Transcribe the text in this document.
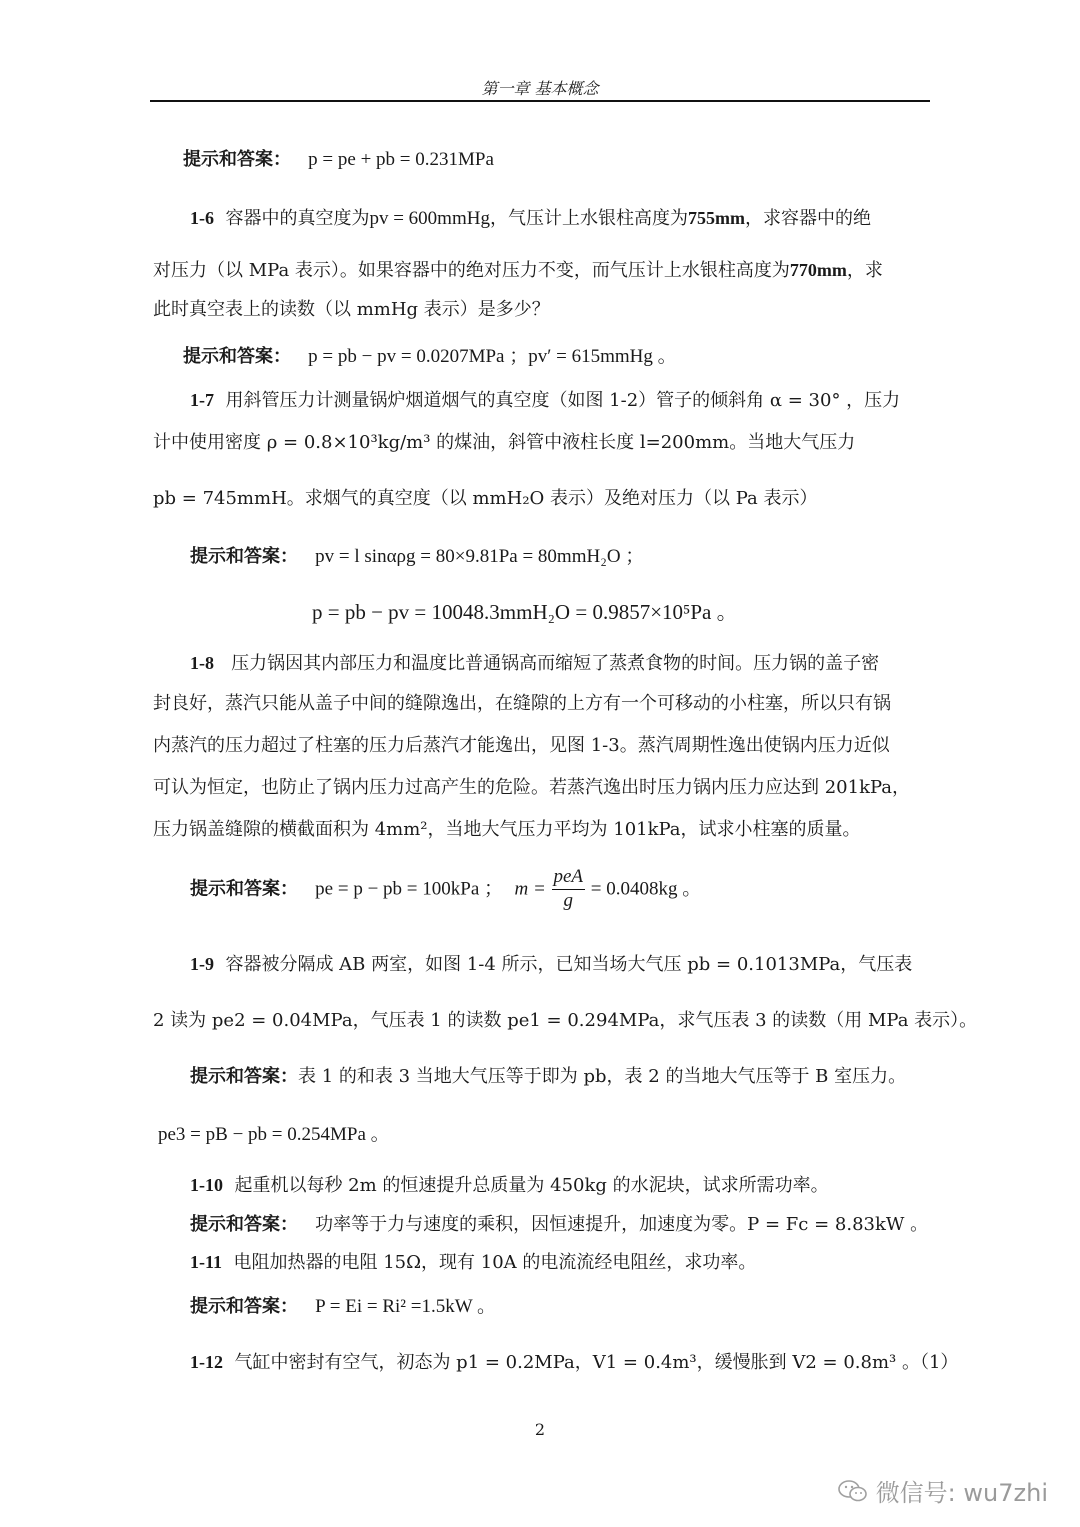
第一章 基本概念
提示和答案： p = pe + pb = 0.231MPa
1-6 容器中的真空度为pv = 600mmHg，气压计上水银柱高度为755mm，求容器中的绝
对压力（以 MPa 表示）。如果容器中的绝对压力不变，而气压计上水银柱高度为770mm，求
此时真空表上的读数（以 mmHg 表示）是多少？
提示和答案： p = pb − pv = 0.0207MPa ；pv′ = 615mmHg 。
1-7 用斜管压力计测量锅炉烟道烟气的真空度（如图 1-2）管子的倾斜角 α = 30° ，压力
计中使用密度 ρ = 0.8×10³kg/m³ 的煤油，斜管中液柱长度 l=200mm。当地大气压力
pb = 745mmH。求烟气的真空度（以 mmH₂O 表示）及绝对压力（以 Pa 表示）
提示和答案： pv = l sinαρg = 80×9.81Pa = 80mmH₂O ；
p = pb − pv = 10048.3mmH₂O = 0.9857×10⁵Pa 。
1-8 压力锅因其内部压力和温度比普通锅高而缩短了蒸煮食物的时间。压力锅的盖子密
封良好，蒸汽只能从盖子中间的缝隙逸出，在缝隙的上方有一个可移动的小柱塞，所以只有锅
内蒸汽的压力超过了柱塞的压力后蒸汽才能逸出，见图 1-3。蒸汽周期性逸出使锅内压力近似
可认为恒定，也防止了锅内压力过高产生的危险。若蒸汽逸出时压力锅内压力应达到 201kPa，
压力锅盖缝隙的横截面积为 4mm²，当地大气压力平均为 101kPa，试求小柱塞的质量。
提示和答案： pe = p − pb = 100kPa ； $m = \frac{\text{peA}}{g} = 0.0408kg$ 。
1-9 容器被分隔成 AB 两室，如图 1-4 所示，已知当场大气压 pb = 0.1013MPa，气压表
2 读为 pe2 = 0.04MPa，气压表 1 的读数 pe1 = 0.294MPa，求气压表 3 的读数（用 MPa 表示）。
提示和答案：表 1 的和表 3 当地大气压等于即为 pb，表 2 的当地大气压等于 B 室压力。
pe3 = pB − pb = 0.254MPa 。
1-10 起重机以每秒 2m 的恒速提升总质量为 450kg 的水泥块，试求所需功率。
提示和答案： 功率等于力与速度的乘积，因恒速提升，加速度为零。P = Fc = 8.83kW 。
1-11 电阻加热器的电阻 15Ω，现有 10A 的电流流经电阻丝，求功率。
提示和答案： P = Ei = Ri² =1.5kW 。
1-12 气缸中密封有空气，初态为 p1 = 0.2MPa，V1 = 0.4m³，缓慢胀到 V2 = 0.8m³ 。（1）
2
微信号: wu7zhi
